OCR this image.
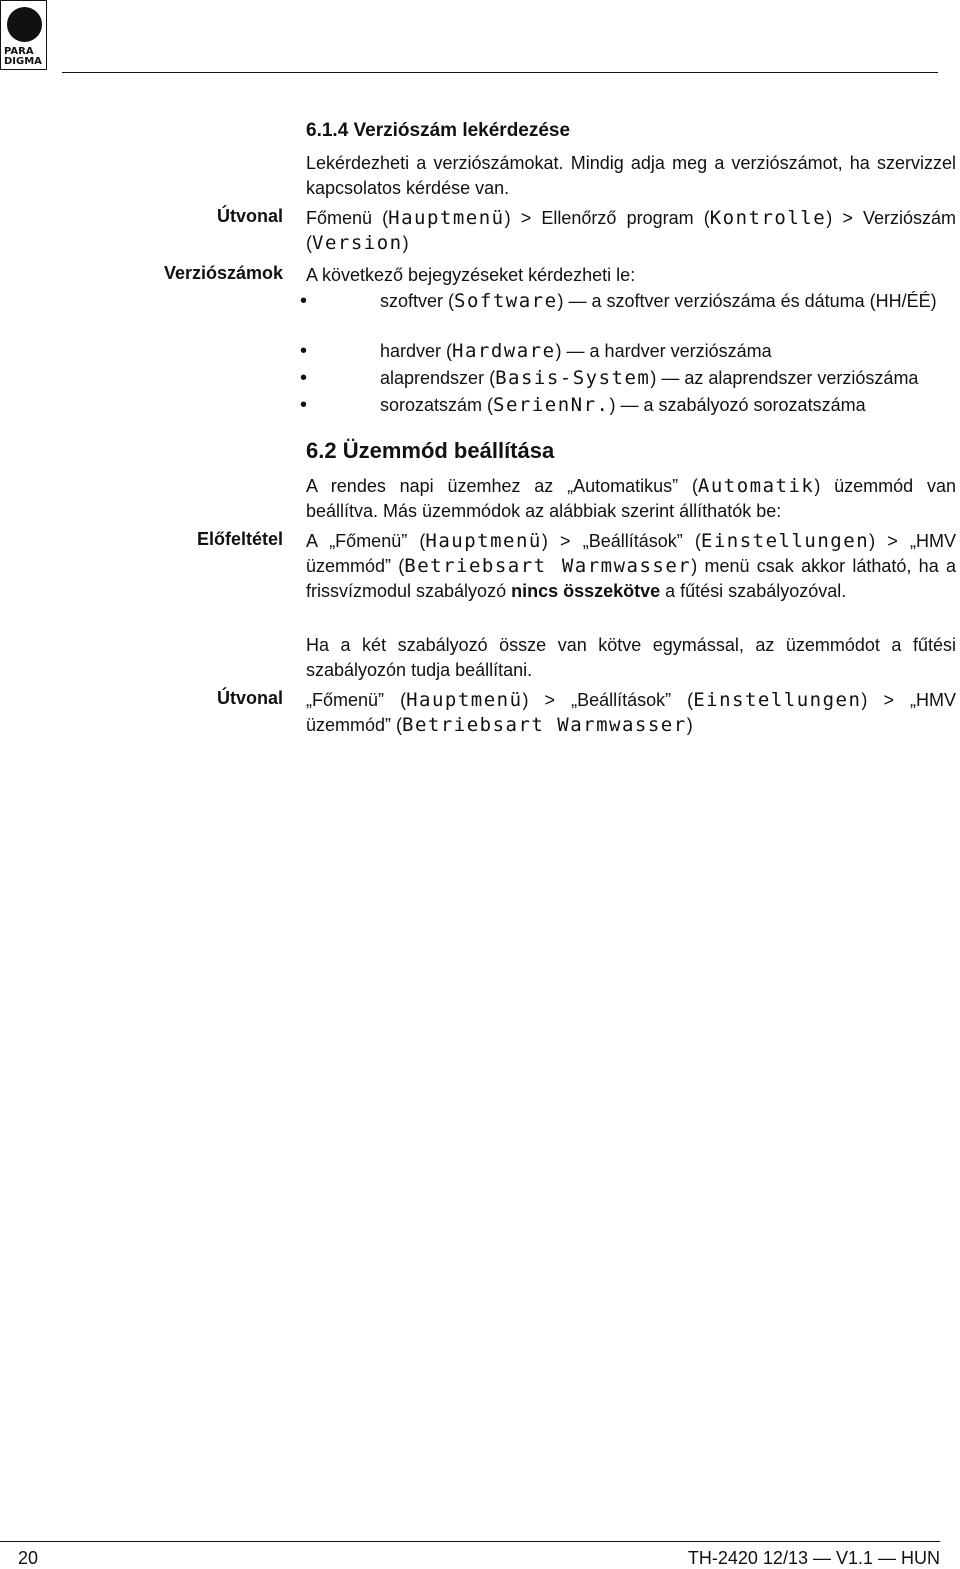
PARA
DIGMA
6.1.4 Verziószám lekérdezése
Lekérdezheti a verziószámokat. Mindig adja meg a verziószámot, ha szervizzel kapcsolatos kérdése van.
Útvonal Főmenü (Hauptmenü) > Ellenőrző program (Kontrolle) > Verziószám (Version)
Verziószámok A következő bejegyzéseket kérdezheti le:
• szoftver (Software) — a szoftver verziószáma és dátuma (HH/ÉÉ)
• hardver (Hardware) — a hardver verziószáma
• alaprendszer (Basis-System) — az alaprendszer verziószáma
• sorozatszám (SerienNr.) — a szabályozó sorozatszáma
6.2 Üzemmód beállítása
A rendes napi üzemhez az „Automatikus” (Automatik) üzemmód van beállítva. Más üzemmódok az alábbiak szerint állíthatók be:
Előfeltétel A „Főmenü” (Hauptmenü) > „Beállítások” (Einstellungen) > „HMV üzemmód” (Betriebsart Warmwasser) menü csak akkor látható, ha a frissvízmodul szabályozó nincs összekötve a fűtési szabályozóval.
Ha a két szabályozó össze van kötve egymással, az üzemmódot a fűtési szabályozón tudja beállítani.
Útvonal „Főmenü” (Hauptmenü) > „Beállítások” (Einstellungen) > „HMV üzemmód” (Betriebsart Warmwasser)
20	TH-2420 12/13 — V1.1 — HUN
